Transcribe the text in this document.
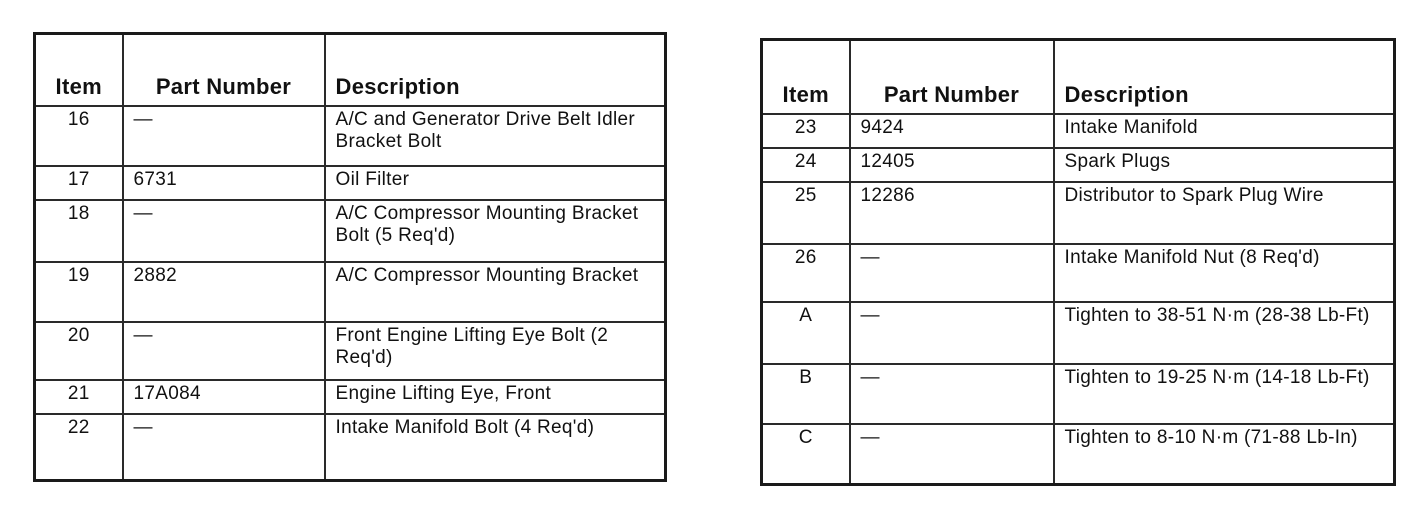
Item	Part Number	Description
16	—	A/C and Generator Drive Belt Idler Bracket Bolt
17	6731	Oil Filter
18	—	A/C Compressor Mounting Bracket Bolt (5 Req'd)
19	2882	A/C Compressor Mounting Bracket
20	—	Front Engine Lifting Eye Bolt (2 Req'd)
21	17A084	Engine Lifting Eye, Front
22	—	Intake Manifold Bolt (4 Req'd)
Item	Part Number	Description
23	9424	Intake Manifold
24	12405	Spark Plugs
25	12286	Distributor to Spark Plug Wire
26	—	Intake Manifold Nut (8 Req'd)
A	—	Tighten to 38-51 N·m (28-38 Lb-Ft)
B	—	Tighten to 19-25 N·m (14-18 Lb-Ft)
C	—	Tighten to 8-10 N·m (71-88 Lb-In)
